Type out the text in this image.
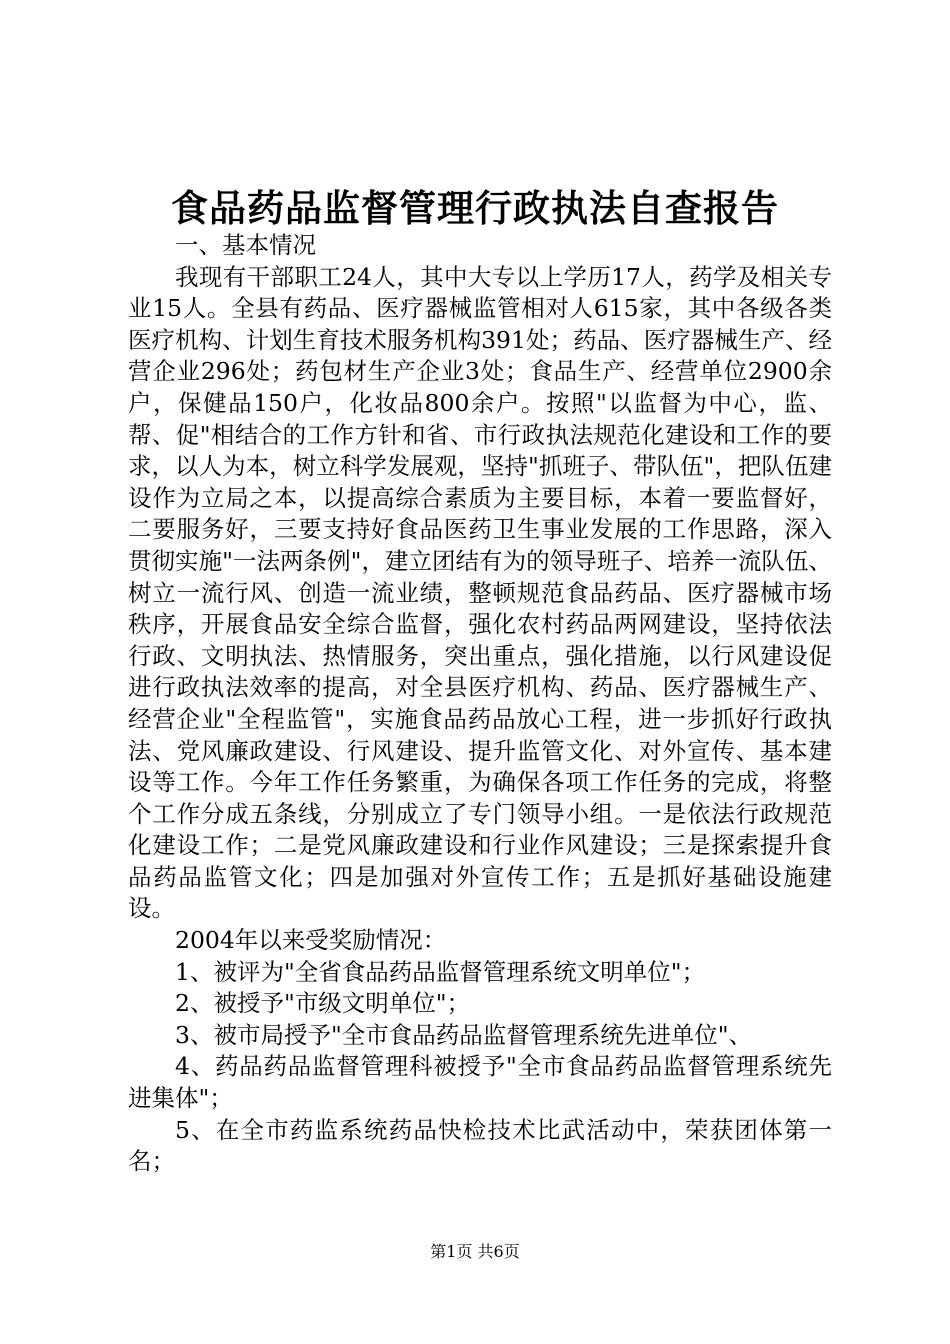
食品药品监督管理行政执法自查报告

一、基本情况

我现有干部职工24人，其中大专以上学历17人，药学及相关专业15人。全县有药品、医疗器械监管相对人615家，其中各级各类医疗机构、计划生育技术服务机构391处；药品、医疗器械生产、经营企业296处；药包材生产企业3处；食品生产、经营单位2900余户，保健品150户，化妆品800余户。按照"以监督为中心，监、帮、促"相结合的工作方针和省、市行政执法规范化建设和工作的要求，以人为本，树立科学发展观，坚持"抓班子、带队伍"，把队伍建设作为立局之本，以提高综合素质为主要目标，本着一要监督好，二要服务好，三要支持好食品医药卫生事业发展的工作思路，深入贯彻实施"一法两条例"，建立团结有为的领导班子、培养一流队伍、树立一流行风、创造一流业绩，整顿规范食品药品、医疗器械市场秩序，开展食品安全综合监督，强化农村药品两网建设，坚持依法行政、文明执法、热情服务，突出重点，强化措施，以行风建设促进行政执法效率的提高，对全县医疗机构、药品、医疗器械生产、经营企业"全程监管"，实施食品药品放心工程，进一步抓好行政执法、党风廉政建设、行风建设、提升监管文化、对外宣传、基本建设等工作。今年工作任务繁重，为确保各项工作任务的完成，将整个工作分成五条线，分别成立了专门领导小组。一是依法行政规范化建设工作；二是党风廉政建设和行业作风建设；三是探索提升食品药品监管文化；四是加强对外宣传工作；五是抓好基础设施建设。

2004年以来受奖励情况：

1、被评为"全省食品药品监督管理系统文明单位"；

2、被授予"市级文明单位"；

3、被市局授予"全市食品药品监督管理系统先进单位"、

4、药品药品监督管理科被授予"全市食品药品监督管理系统先进集体"；

5、在全市药监系统药品快检技术比武活动中，荣获团体第一名；

第1页 共6页
